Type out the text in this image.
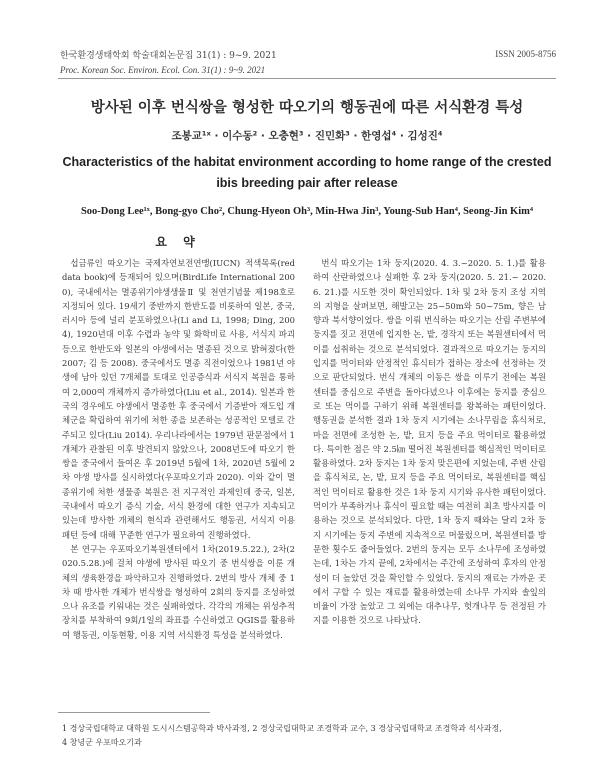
한국환경생태학회 학술대회논문집 31(1) : 9~9. 2021
Proc. Korean Soc. Environ. Ecol. Con. 31(1) : 9~9. 2021
ISSN 2005-8756
방사된 이후 번식쌍을 형성한 따오기의 행동권에 따른 서식환경 특성
조봉교¹ˣ · 이수동² · 오충현³ · 진민화³ · 한영섭⁴ · 김성진⁴
Characteristics of the habitat environment according to home range of the crested ibis breeding pair after release
Soo-Dong Lee¹ˣ, Bong-gyo Cho², Chung-Hyeon Oh³, Min-Hwa Jin³, Young-Sub Han⁴, Seong-Jin Kim⁴
요 약

섭금류인 따오기는 국제자연보전연맹(IUCN) 적색목록(red data book)에 등재되어 있으며(BirdLife International 2000), 국내에서는 멸종위기야생생물Ⅱ 및 천연기념물 제198호로 지정되어 있다. 19세기 중반까지 한반도를 비롯하여 일본, 중국, 러시아 등에 널리 분포하였으나(Li and Li, 1998; Ding, 2004), 1920년대 이후 수렵과 농약 및 화학비료 사용, 서식지 파괴 등으로 한반도와 일본의 야생에서는 멸종된 것으로 밝혀졌다(한 2007; 김 등 2008). 중국에서도 멸종 직전이었으나 1981년 야생에 남아 있던 7개체를 토대로 인공증식과 서식지 복원을 통하여 2,000여 개체까지 증가하였다(Liu et al., 2014). 일본과 한국의 경우에도 야생에서 멸종한 후 중국에서 기증받아 재도입 개체군을 확립하여 위기에 처한 종을 보존하는 성공적인 모델로 간주되고 있다(Liu 2014). 우리나라에서는 1979년 판문점에서 1개체가 관찰된 이후 발견되지 않았으나, 2008년도에 따오기 한 쌍을 중국에서 들여온 후 2019년 5월에 1차, 2020년 5월에 2차 야생 방사를 실시하였다(우포따오기과 2020). 이와 같이 멸종위기에 처한 생물종 복원은 전 지구적인 과제인데 중국, 일본, 국내에서 따오기 증식 기술, 서식 환경에 대한 연구가 지속되고 있는데 방사한 개체의 현식과 관련해서도 행동권, 서식지 이용 패턴 등에 대해 꾸준한 연구가 필요하여 진행하였다.

본 연구는 우포따오기복원센터에서 1차(2019.5.22.), 2차(2020.5.28.)에 걸쳐 야생에 방사된 따오기 중 번식쌍을 이룬 개체의 생육환경을 파악하고자 진행하였다. 2번의 방사 개체 중 1차 때 방사한 개체가 번식쌍을 형성하여 2회의 둥지를 조성하였으나 유조를 키워내는 것은 실패하였다. 각각의 개체는 위성추적장치를 부착하여 9회/1일의 좌표를 수신하였고 QGIS를 활용하여 행동권, 이동현황, 이용 지역 서식환경 특성을 분석하였다.

번식 따오기는 1차 둥지(2020. 4. 3.~2020. 5. 1.)를 활용하여 산란하였으나 실패한 후 2차 둥지(2020. 5. 21.~ 2020. 6. 21.)를 시도한 것이 확인되었다. 1차 및 2차 둥지 조성 지역의 지형을 살펴보면, 해발고는 25~50m와 50~75m, 향은 남향과 북서향이었다. 쌍을 이뤄 번식하는 따오기는 산림 주변부에 둥지를 짓고 전면에 입지한 논, 밭, 경작지 또는 복원센터에서 먹이를 섭취하는 것으로 분석되었다. 결과적으로 따오기는 둥지의 입지를 먹이터와 안정적인 휴식터가 접하는 장소에 선정하는 것으로 판단되었다. 번식 개체의 이동은 쌍을 이루기 전에는 복원센터를 중심으로 주변을 돌아다녔으나 이후에는 둥지를 중심으로 또는 먹이를 구하기 위해 복원센터를 왕복하는 패턴이었다. 행동권을 분석한 결과 1차 둥지 시기에는 소나무림을 휴식처로, 마을 전면에 조성한 논, 밭, 묘지 등을 주요 먹이터로 활용하였다. 특이한 점은 약 2.5㎞ 떨어진 복원센터를 핵심적인 먹이터로 활용하였다. 2차 둥지는 1차 둥지 맞은편에 지었는데, 주변 산림을 휴식처로, 논, 밭, 묘지 등을 주요 먹이터로, 복원센터를 핵심적인 먹이터로 활용한 것은 1차 둥지 시기와 유사한 패턴이었다. 먹이가 부족하거나 휴식이 필요할 때는 여전히 최초 방사지를 이용하는 것으로 분석되었다. 다만, 1차 둥지 때와는 달리 2차 둥지 시기에는 둥지 주변에 지속적으로 머물렀으며, 복원센터를 방문한 횟수도 줄어들었다. 2번의 둥지는 모두 소나무에 조성하였는데, 1차는 가지 끝에, 2차에서는 주간에 조성하여 후자의 안정성이 더 높았던 것을 확인할 수 있었다. 둥지의 재료는 가까운 곳에서 구할 수 있는 재료를 활용하였는데 소나무 가지와 솔잎의 비율이 가장 높았고 그 외에는 대추나무, 헛개나무 등 전정된 가지를 이용한 것으로 나타났다.

1 경상국립대학교 대학원 도시시스템공학과 박사과정, 2 경상국립대학교 조경학과 교수, 3 경상국립대학교 조경학과 석사과정,
4 창녕군 우포따오기과
